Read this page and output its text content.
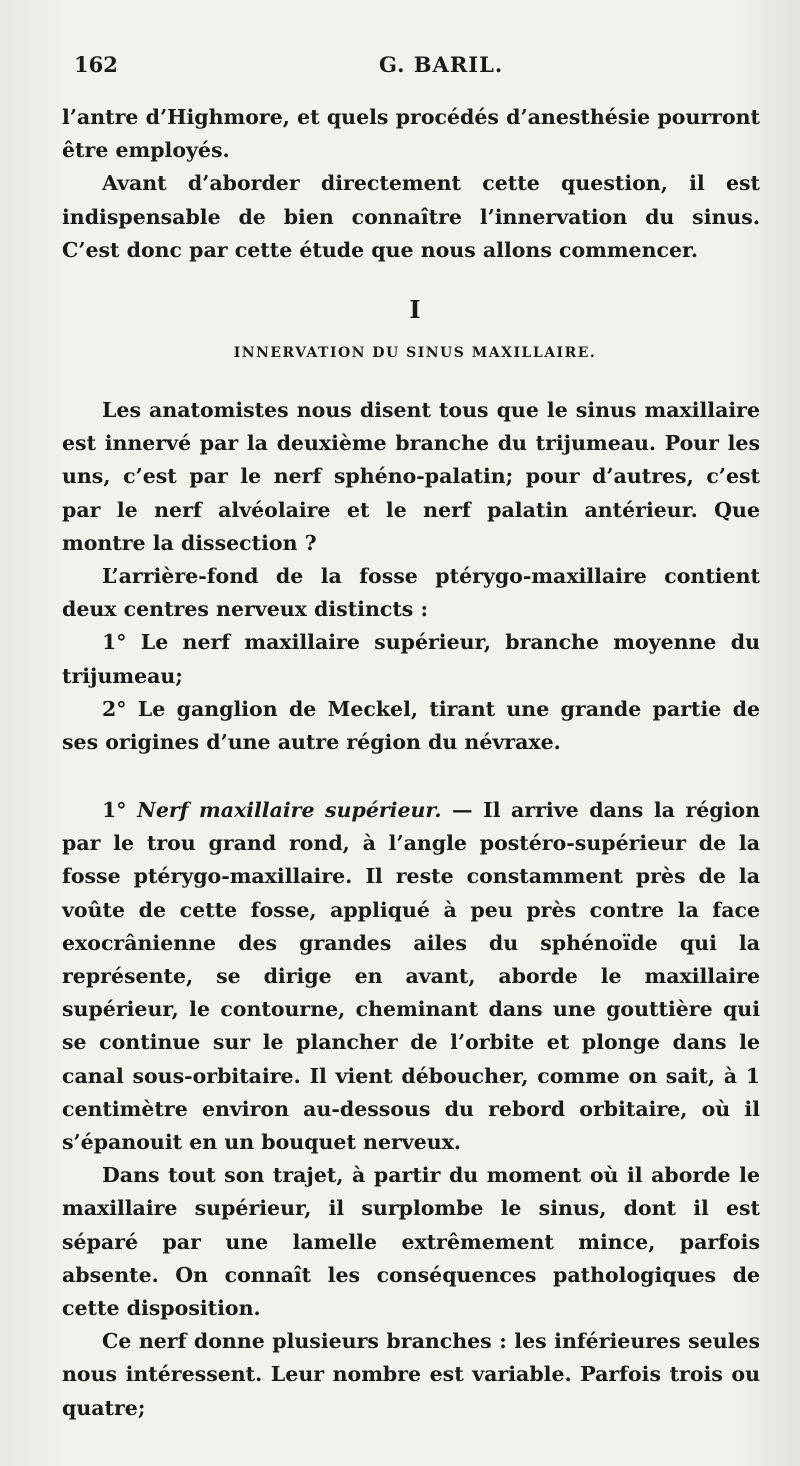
162	G. BARIL.

l’antre d’Highmore, et quels procédés d’anesthésie pourront être employés.

Avant d’aborder directement cette question, il est indispensable de bien connaître l’innervation du sinus. C’est donc par cette étude que nous allons commencer.

I
INNERVATION DU SINUS MAXILLAIRE.

Les anatomistes nous disent tous que le sinus maxillaire est innervé par la deuxième branche du trijumeau. Pour les uns, c’est par le nerf sphéno-palatin; pour d’autres, c’est par le nerf alvéolaire et le nerf palatin antérieur. Que montre la dissection ?

L’arrière-fond de la fosse ptérygo-maxillaire contient deux centres nerveux distincts :

1° Le nerf maxillaire supérieur, branche moyenne du trijumeau;

2° Le ganglion de Meckel, tirant une grande partie de ses origines d’une autre région du névraxe.

1° Nerf maxillaire supérieur. — Il arrive dans la région par le trou grand rond, à l’angle postéro-supérieur de la fosse ptérygo-maxillaire. Il reste constamment près de la voûte de cette fosse, appliqué à peu près contre la face exocrânienne des grandes ailes du sphénoïde qui la représente, se dirige en avant, aborde le maxillaire supérieur, le contourne, cheminant dans une gouttière qui se continue sur le plancher de l’orbite et plonge dans le canal sous-orbitaire. Il vient déboucher, comme on sait, à 1 centimètre environ au-dessous du rebord orbitaire, où il s’épanouit en un bouquet nerveux.

Dans tout son trajet, à partir du moment où il aborde le maxillaire supérieur, il surplombe le sinus, dont il est séparé par une lamelle extrêmement mince, parfois absente. On connaît les conséquences pathologiques de cette disposition.

Ce nerf donne plusieurs branches : les inférieures seules nous intéressent. Leur nombre est variable. Parfois trois ou quatre;
